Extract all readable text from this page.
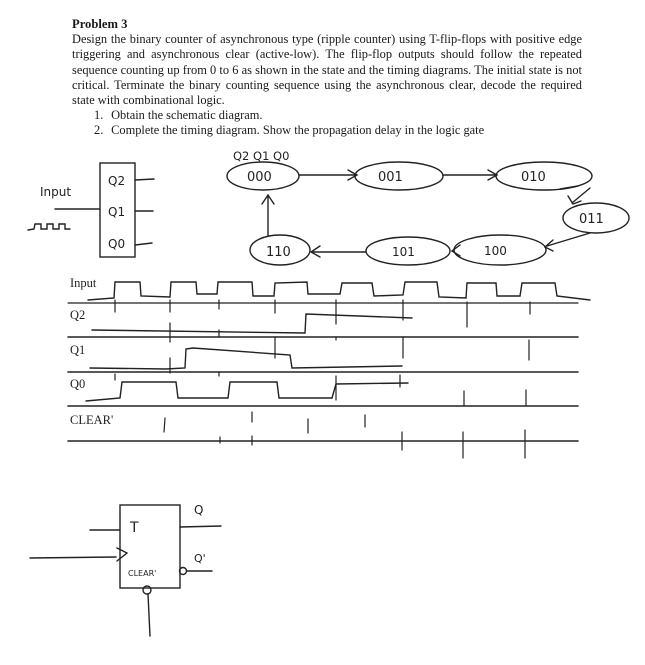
Problem 3
Design the binary counter of asynchronous type (ripple counter) using T-flip-flops with positive edge triggering and asynchronous clear (active-low). The flip-flop outputs should follow the repeated sequence counting up from 0 to 6 as shown in the state and the timing diagrams. The initial state is not critical. Terminate the binary counting sequence using the asynchronous clear, decode the required state with combinational logic.
1. Obtain the schematic diagram.
2. Complete the timing diagram. Show the propagation delay in the logic gate
Input
Q2
Q1
Q0
Q2 Q1 Q0
000	001	010
011
100
101
110
Input
Q2
Q1
Q0
CLEAR'
T
Q
Q'
CLEAR'
